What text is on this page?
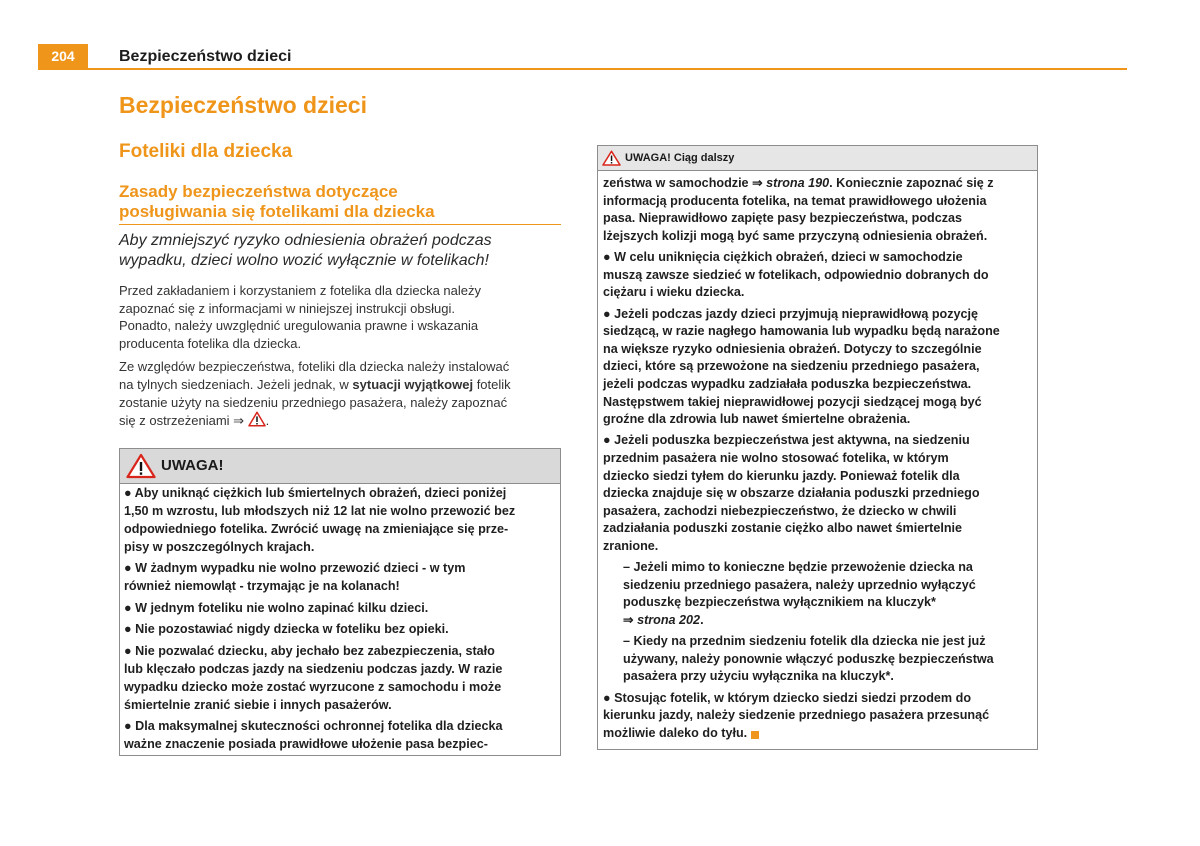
204	Bezpieczeństwo dzieci
Bezpieczeństwo dzieci
Foteliki dla dziecka
Zasady bezpieczeństwa dotyczące
posługiwania się fotelikami dla dziecka
Aby zmniejszyć ryzyko odniesienia obrażeń podczas
wypadku, dzieci wolno wozić wyłącznie w fotelikach!
Przed zakładaniem i korzystaniem z fotelika dla dziecka należy
zapoznać się z informacjami w niniejszej instrukcji obsługi.
Ponadto, należy uwzględnić uregulowania prawne i wskazania
producenta fotelika dla dziecka.
Ze względów bezpieczeństwa, foteliki dla dziecka należy instalować
na tylnych siedzeniach. Jeżeli jednak, w sytuacji wyjątkowej fotelik
zostanie użyty na siedzeniu przedniego pasażera, należy zapoznać
się z ostrzeżeniami ⇒
.
UWAGA!
● Aby uniknąć ciężkich lub śmiertelnych obrażeń, dzieci poniżej
1,50 m wzrostu, lub młodszych niż 12 lat nie wolno przewozić bez
odpowiedniego fotelika. Zwrócić uwagę na zmieniające się prze-
pisy w poszczególnych krajach.
● W żadnym wypadku nie wolno przewozić dzieci - w tym
również niemowląt - trzymając je na kolanach!
● W jednym foteliku nie wolno zapinać kilku dzieci.
● Nie pozostawiać nigdy dziecka w foteliku bez opieki.
● Nie pozwalać dziecku, aby jechało bez zabezpieczenia, stało
lub klęczało podczas jazdy na siedzeniu podczas jazdy. W razie
wypadku dziecko może zostać wyrzucone z samochodu i może
śmiertelnie zranić siebie i innych pasażerów.
● Dla maksymalnej skuteczności ochronnej fotelika dla dziecka
ważne znaczenie posiada prawidłowe ułożenie pasa bezpiec-
UWAGA! Ciąg dalszy
zeństwa w samochodzie ⇒ strona 190. Koniecznie zapoznać się z
informacją producenta fotelika, na temat prawidłowego ułożenia
pasa. Nieprawidłowo zapięte pasy bezpieczeństwa, podczas
lżejszych kolizji mogą być same przyczyną odniesienia obrażeń.
● W celu uniknięcia ciężkich obrażeń, dzieci w samochodzie
muszą zawsze siedzieć w fotelikach, odpowiednio dobranych do
ciężaru i wieku dziecka.
● Jeżeli podczas jazdy dzieci przyjmują nieprawidłową pozycję
siedzącą, w razie nagłego hamowania lub wypadku będą narażone
na większe ryzyko odniesienia obrażeń. Dotyczy to szczególnie
dzieci, które są przewożone na siedzeniu przedniego pasażera,
jeżeli podczas wypadku zadziałała poduszka bezpieczeństwa.
Następstwem takiej nieprawidłowej pozycji siedzącej mogą być
groźne dla zdrowia lub nawet śmiertelne obrażenia.
● Jeżeli poduszka bezpieczeństwa jest aktywna, na siedzeniu
przednim pasażera nie wolno stosować fotelika, w którym
dziecko siedzi tyłem do kierunku jazdy. Ponieważ fotelik dla
dziecka znajduje się w obszarze działania poduszki przedniego
pasażera, zachodzi niebezpieczeństwo, że dziecko w chwili
zadziałania poduszki zostanie ciężko albo nawet śmiertelnie
zranione.
– Jeżeli mimo to konieczne będzie przewożenie dziecka na
siedzeniu przedniego pasażera, należy uprzednio wyłączyć
poduszkę bezpieczeństwa wyłącznikiem na kluczyk*
⇒ strona 202.
– Kiedy na przednim siedzeniu fotelik dla dziecka nie jest już
używany, należy ponownie włączyć poduszkę bezpieczeństwa
pasażera przy użyciu wyłącznika na kluczyk*.
● Stosując fotelik, w którym dziecko siedzi siedzi przodem do
kierunku jazdy, należy siedzenie przedniego pasażera przesunąć
możliwie daleko do tyłu.
